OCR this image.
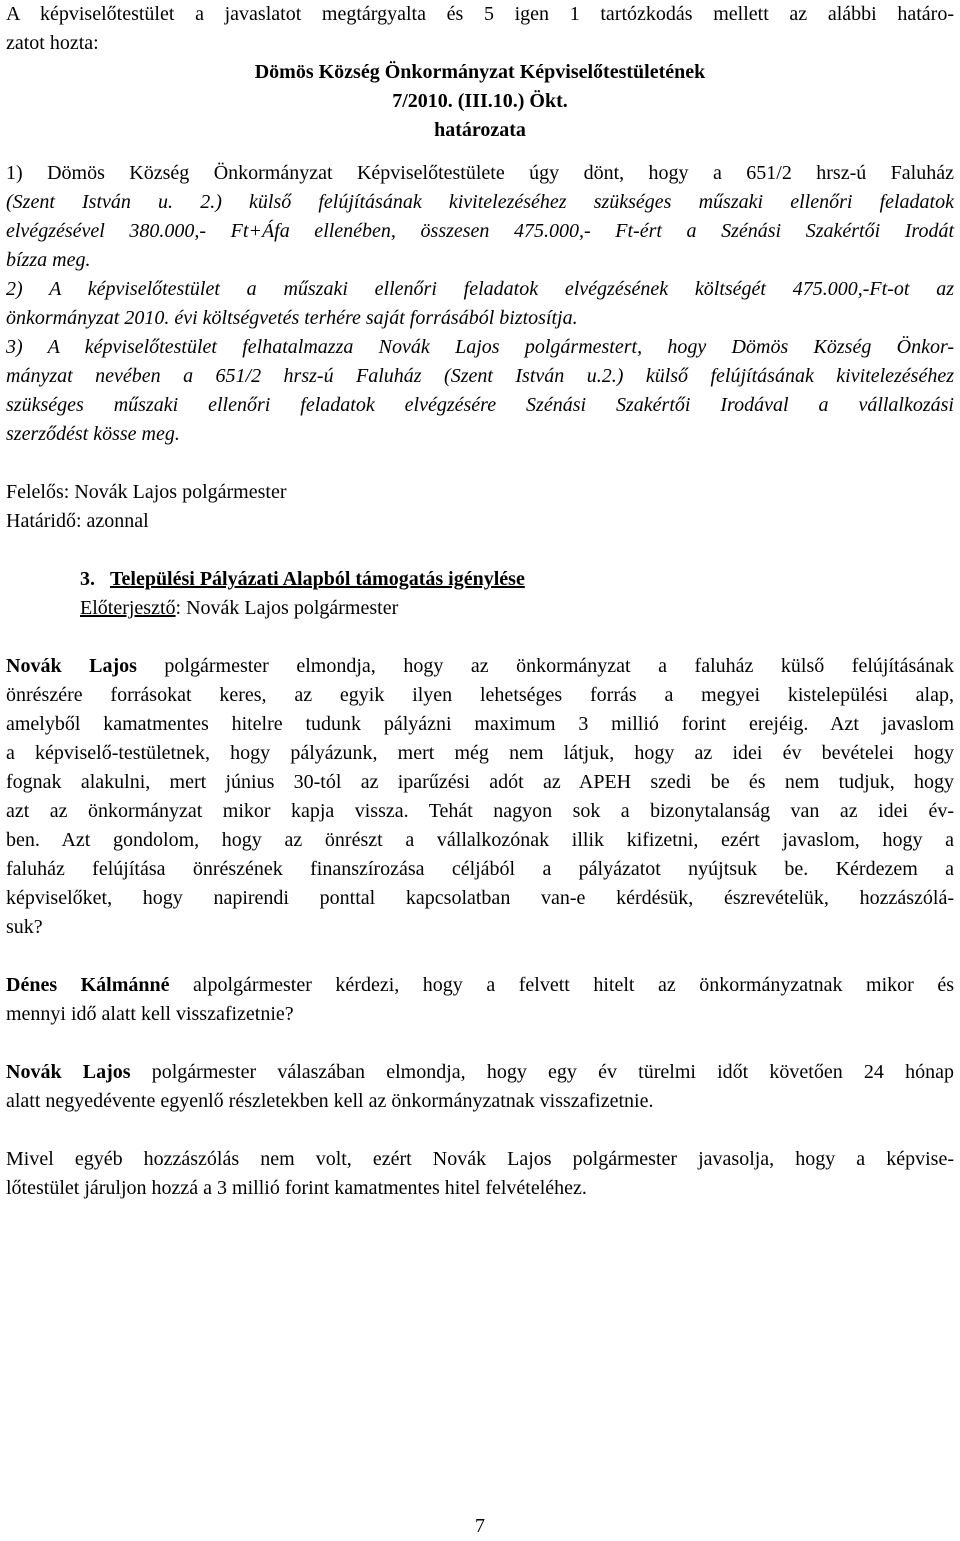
A képviselőtestület a javaslatot megtárgyalta és 5 igen 1 tartózkodás mellett az alábbi határo-

zatot hozta:

Dömös Község Önkormányzat Képviselőtestületének

7/2010. (III.10.) Ökt.

határozata

1) Dömös Község Önkormányzat Képviselőtestülete úgy dönt, hogy a 651/2 hrsz-ú Faluház

(Szent István u. 2.) külső felújításának kivitelezéséhez szükséges műszaki ellenőri feladatok

elvégzésével 380.000,- Ft+Áfa ellenében, összesen 475.000,- Ft-ért a Szénási Szakértői Irodát

bízza meg.

2) A képviselőtestület a műszaki ellenőri feladatok elvégzésének költségét 475.000,-Ft-ot az

önkormányzat 2010. évi költségvetés terhére saját forrásából biztosítja.

3) A képviselőtestület felhatalmazza Novák Lajos polgármestert, hogy Dömös Község Önkor-

mányzat nevében a 651/2 hrsz-ú Faluház (Szent István u.2.) külső felújításának kivitelezéséhez

szükséges műszaki ellenőri feladatok elvégzésére Szénási Szakértői Irodával a vállalkozási

szerződést kösse meg.

Felelős: Novák Lajos polgármester

Határidő: azonnal

3. Települési Pályázati Alapból támogatás igénylése

Előterjesztő: Novák Lajos polgármester

Novák Lajos polgármester elmondja, hogy az önkormányzat a faluház külső felújításának

önrészére forrásokat keres, az egyik ilyen lehetséges forrás a megyei kistelepülési alap,

amelyből kamatmentes hitelre tudunk pályázni maximum 3 millió forint erejéig. Azt javaslom

a képviselő-testületnek, hogy pályázunk, mert még nem látjuk, hogy az idei év bevételei hogy

fognak alakulni, mert június 30-tól az iparűzési adót az APEH szedi be és nem tudjuk, hogy

azt az önkormányzat mikor kapja vissza. Tehát nagyon sok a bizonytalanság van az idei év-

ben. Azt gondolom, hogy az önrészt a vállalkozónak illik kifizetni, ezért javaslom, hogy a

faluház felújítása önrészének finanszírozása céljából a pályázatot nyújtsuk be. Kérdezem a

képviselőket, hogy napirendi ponttal kapcsolatban van-e kérdésük, észrevételük, hozzászólá-

suk?

Dénes Kálmánné alpolgármester kérdezi, hogy a felvett hitelt az önkormányzatnak mikor és

mennyi idő alatt kell visszafizetnie?

Novák Lajos polgármester válaszában elmondja, hogy egy év türelmi időt követően 24 hónap

alatt negyedévente egyenlő részletekben kell az önkormányzatnak visszafizetnie.

Mivel egyéb hozzászólás nem volt, ezért Novák Lajos polgármester javasolja, hogy a képvise-

lőtestület járuljon hozzá a 3 millió forint kamatmentes hitel felvételéhez.

7
